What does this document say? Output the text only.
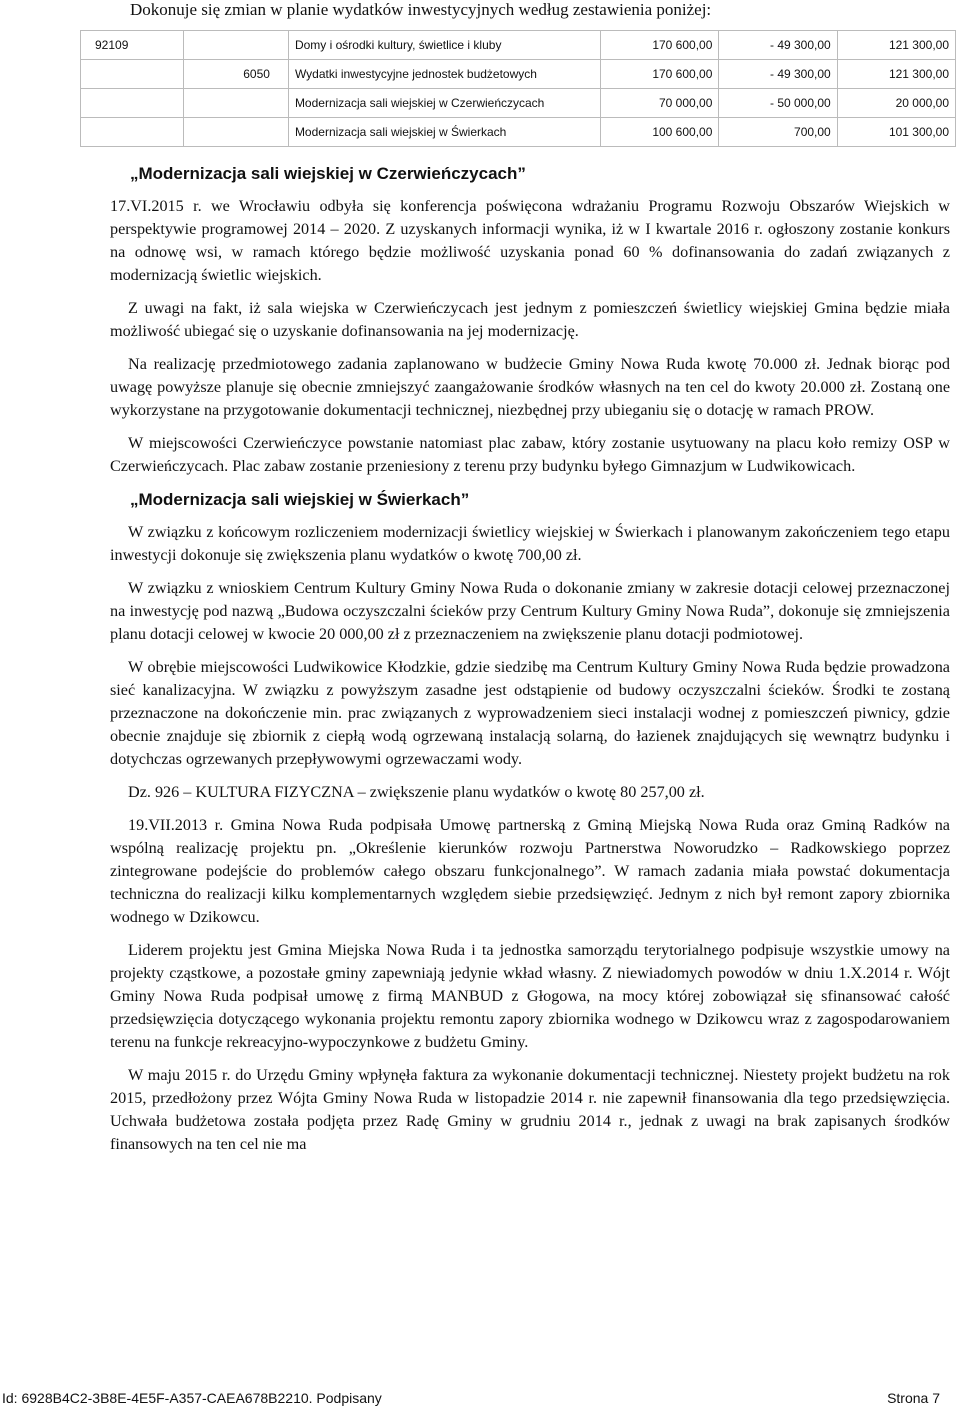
Dokonuje się zmian w planie wydatków inwestycyjnych według zestawienia poniżej:
92109		Domy i ośrodki kultury, świetlice i kluby	170 600,00	- 49 300,00	121 300,00
	6050	Wydatki inwestycyjne jednostek budżetowych	170 600,00	- 49 300,00	121 300,00
		Modernizacja sali wiejskiej w Czerwieńczycach	70 000,00	- 50 000,00	20 000,00
		Modernizacja sali wiejskiej w Świerkach	100 600,00	700,00	101 300,00
„Modernizacja sali wiejskiej w Czerwieńczycach”

17.VI.2015 r. we Wrocławiu odbyła się konferencja poświęcona wdrażaniu Programu Rozwoju Obszarów Wiejskich w perspektywie programowej 2014 – 2020. Z uzyskanych informacji wynika, iż w I kwartale 2016 r. ogłoszony zostanie konkurs na odnowę wsi, w ramach którego będzie możliwość uzyskania ponad 60 % dofinansowania do zadań związanych z modernizacją świetlic wiejskich.

Z uwagi na fakt, iż sala wiejska w Czerwieńczycach jest jednym z pomieszczeń świetlicy wiejskiej Gmina będzie miała możliwość ubiegać się o uzyskanie dofinansowania na jej modernizację.

Na realizację przedmiotowego zadania zaplanowano w budżecie Gminy Nowa Ruda kwotę 70.000 zł. Jednak biorąc pod uwagę powyższe planuje się obecnie zmniejszyć zaangażowanie środków własnych na ten cel do kwoty 20.000 zł. Zostaną one wykorzystane na przygotowanie dokumentacji technicznej, niezbędnej przy ubieganiu się o dotację w ramach PROW.

W miejscowości Czerwieńczyce powstanie natomiast plac zabaw, który zostanie usytuowany na placu koło remizy OSP w Czerwieńczycach. Plac zabaw zostanie przeniesiony z terenu przy budynku byłego Gimnazjum w Ludwikowicach.

„Modernizacja sali wiejskiej w Świerkach”

W związku z końcowym rozliczeniem modernizacji świetlicy wiejskiej w Świerkach i planowanym zakończeniem tego etapu inwestycji dokonuje się zwiększenia planu wydatków o kwotę 700,00 zł.

W związku z wnioskiem Centrum Kultury Gminy Nowa Ruda o dokonanie zmiany w zakresie dotacji celowej przeznaczonej na inwestycję pod nazwą „Budowa oczyszczalni ścieków przy Centrum Kultury Gminy Nowa Ruda”, dokonuje się zmniejszenia planu dotacji celowej w kwocie 20 000,00 zł z przeznaczeniem na zwiększenie planu dotacji podmiotowej.

W obrębie miejscowości Ludwikowice Kłodzkie, gdzie siedzibę ma Centrum Kultury Gminy Nowa Ruda będzie prowadzona sieć kanalizacyjna. W związku z powyższym zasadne jest odstąpienie od budowy oczyszczalni ścieków. Środki te zostaną przeznaczone na dokończenie min. prac związanych z wyprowadzeniem sieci instalacji wodnej z pomieszczeń piwnicy, gdzie obecnie znajduje się zbiornik z ciepłą wodą ogrzewaną instalacją solarną, do łazienek znajdujących się wewnątrz budynku i dotychczas ogrzewanych przepływowymi ogrzewaczami wody.

Dz. 926 – KULTURA FIZYCZNA – zwiększenie planu wydatków o kwotę 80 257,00 zł.

19.VII.2013 r. Gmina Nowa Ruda podpisała Umowę partnerską z Gminą Miejską Nowa Ruda oraz Gminą Radków na wspólną realizację projektu pn. „Określenie kierunków rozwoju Partnerstwa Noworudzko – Radkowskiego poprzez zintegrowane podejście do problemów całego obszaru funkcjonalnego”. W ramach zadania miała powstać dokumentacja techniczna do realizacji kilku komplementarnych względem siebie przedsięwzięć. Jednym z nich był remont zapory zbiornika wodnego w Dzikowcu.

Liderem projektu jest Gmina Miejska Nowa Ruda i ta jednostka samorządu terytorialnego podpisuje wszystkie umowy na projekty cząstkowe, a pozostałe gminy zapewniają jedynie wkład własny. Z niewiadomych powodów w dniu 1.X.2014 r. Wójt Gminy Nowa Ruda podpisał umowę z firmą MANBUD z Głogowa, na mocy której zobowiązał się sfinansować całość przedsięwzięcia dotyczącego wykonania projektu remontu zapory zbiornika wodnego w Dzikowcu wraz z zagospodarowaniem terenu na funkcje rekreacyjno-wypoczynkowe z budżetu Gminy.

W maju 2015 r. do Urzędu Gminy wpłynęła faktura za wykonanie dokumentacji technicznej. Niestety projekt budżetu na rok 2015, przedłożony przez Wójta Gminy Nowa Ruda w listopadzie 2014 r. nie zapewnił finansowania dla tego przedsięwzięcia. Uchwała budżetowa została podjęta przez Radę Gminy w grudniu 2014 r., jednak z uwagi na brak zapisanych środków finansowych na ten cel nie ma

Id: 6928B4C2-3B8E-4E5F-A357-CAEA678B2210. Podpisany	Strona 7
